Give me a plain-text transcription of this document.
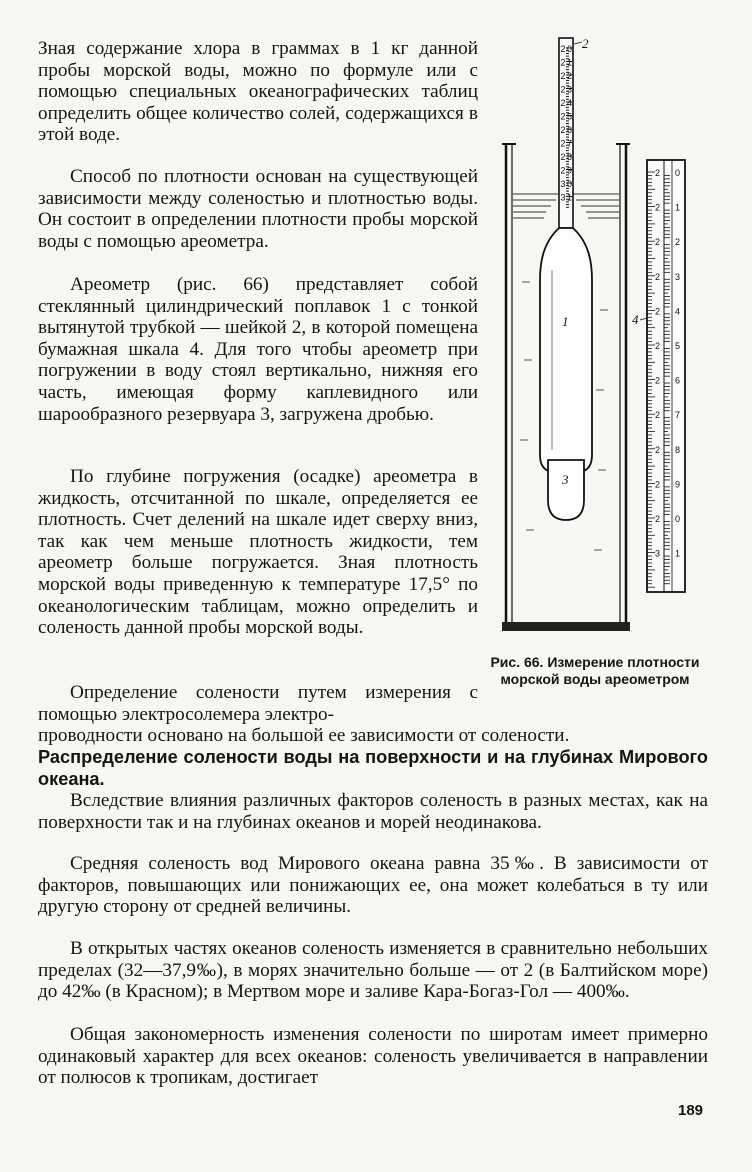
Зная содержание хлора в граммах в 1 кг данной пробы морской воды, можно по формуле или с помощью специальных океанографических таблиц определить общее количество солей, содержащихся в этой воде.

Способ по плотности основан на существующей зависимости между соленостью и плотностью воды. Он состоит в определении плотности пробы морской воды с помощью ареометра.

Ареометр (рис. 66) представляет собой стеклянный цилиндрический поплавок 1 с тонкой вытянутой трубкой — шейкой 2, в которой помещена бумажная шкала 4. Для того чтобы ареометр при погружении в воду стоял вертикально, нижняя его часть, имеющая форму каплевидного или шарообразного резервуара 3, загружена дробью.

По глубине погружения (осадке) ареометра в жидкость, отсчитанной по шкале, определяется ее плотность. Счет делений на шкале идет сверху вниз, так как чем меньше плотность жидкости, тем ареометр больше погружается. Зная плотность морской воды приведенную к температуре 17,5° по океанологическим таблицам, можно определить и соленость данной пробы морской воды.

Определение солености путем измерения с помощью электросолемера электро-

проводности основано на большой ее зависимости от солености.

Распределение солености воды на поверхности и на глубинах Мирового океана.

Вследствие влияния различных факторов соленость в разных местах, как на поверхности так и на глубинах океанов и морей неодинакова.

Средняя соленость вод Мирового океана равна 35‰. В зависимости от факторов, повышающих или понижающих ее, она может колебаться в ту или другую сторону от средней величины.

В открытых частях океанов соленость изменяется в сравнительно небольших пределах (32—37,9‰), в морях значительно больше — от 2 (в Балтийском море) до 42‰ (в Красном); в Мертвом море и заливе Кара-Богаз-Гол — 400‰.

Общая закономерность изменения солености по широтам имеет примерно одинаковый характер для всех океанов: соленость увеличивается в направлении от полюсов к тропикам, достигает

2 0
2 1
2 2
2 3
2 4
2 5
2 6
2 7
2 8
2 9
3 0
3 1
1
3
2
2 0
2 1
2 2
2 3
2 4
2 5
2 6
2 7
2 8
2 9
2 0
3 1
4

Рис. 66. Измерение плотности морской воды ареометром

189
